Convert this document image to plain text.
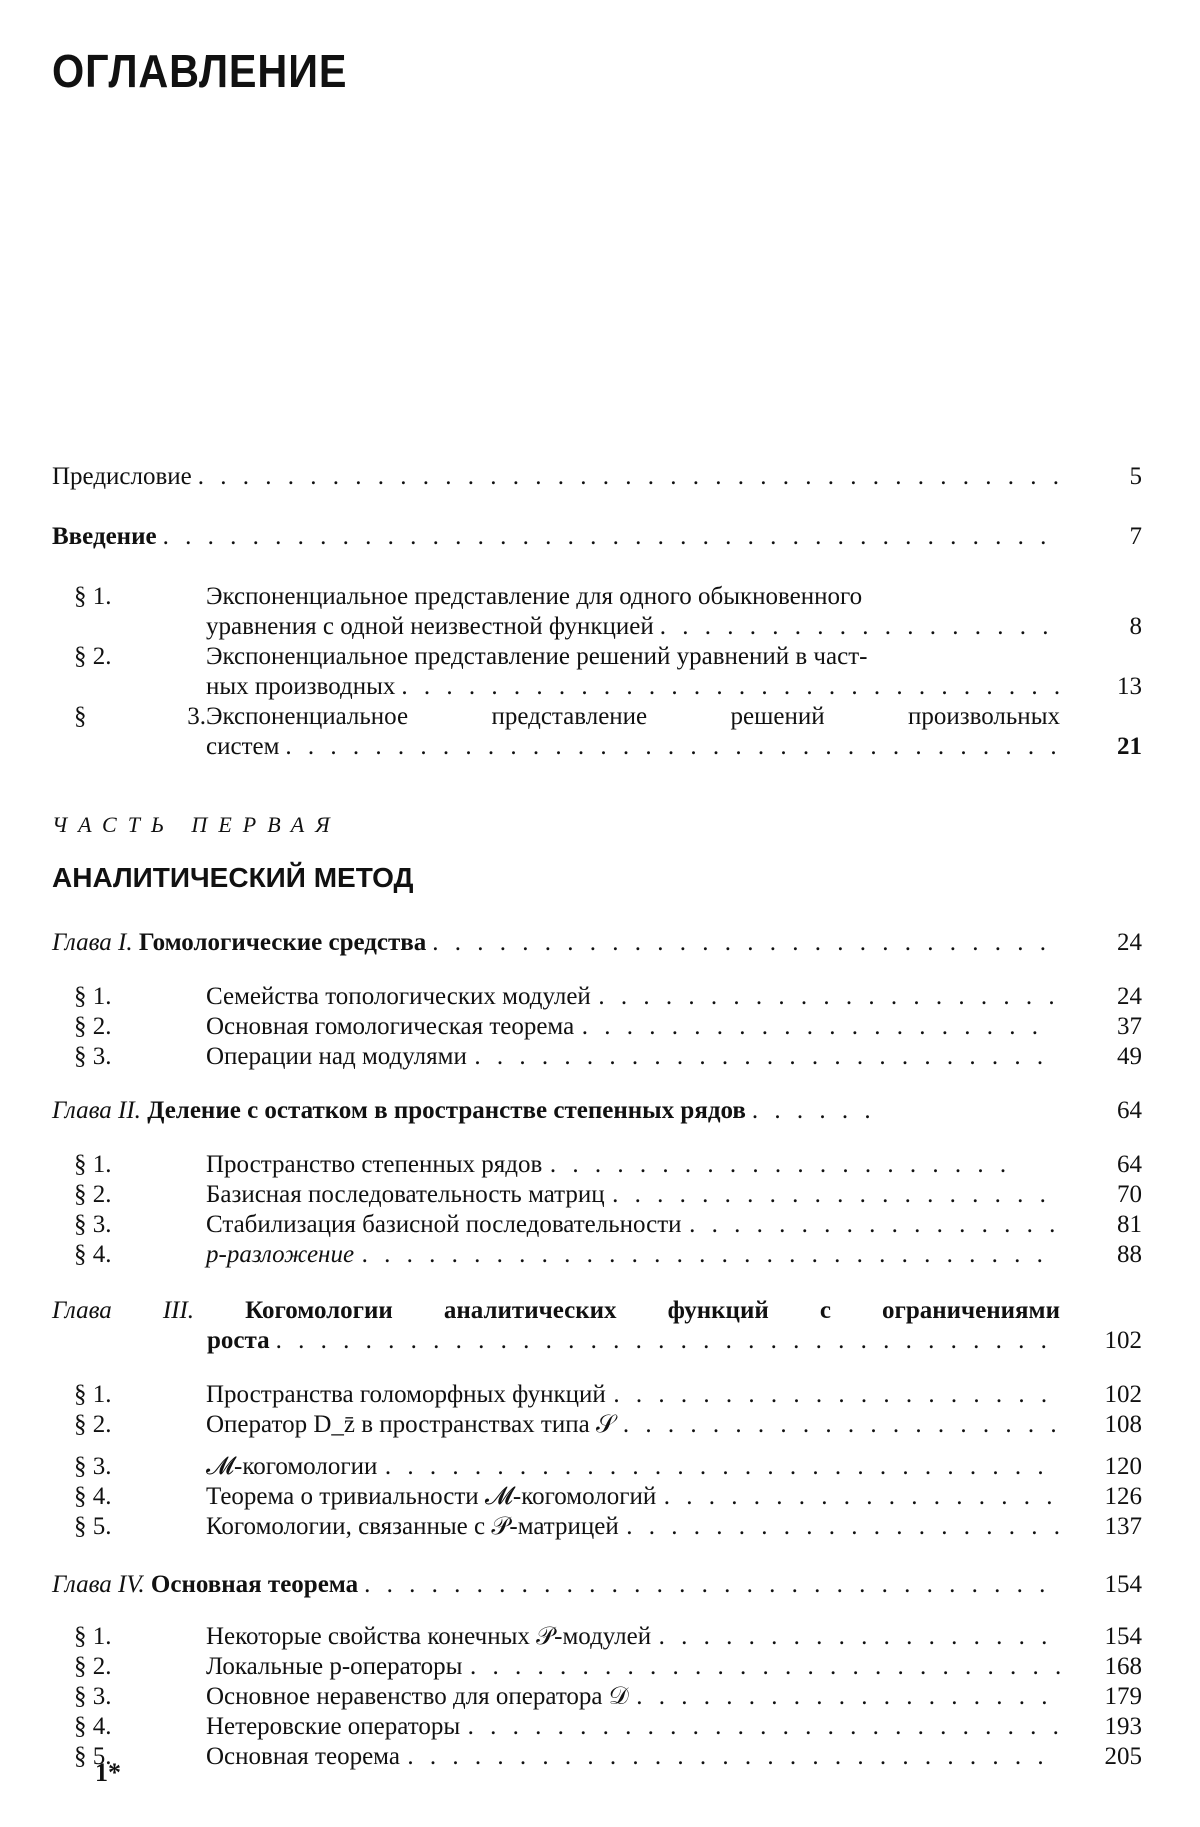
ОГЛАВЛЕНИЕ
Предисловие . . . . . . . . . . . . . . . . . . . . . . . . . . . . . . . . . . . . . .	5
Введение . . . . . . . . . . . . . . . . . . . . . . . . . . . . . . . . . . . . . . . .	7
§ 1.	Экспоненциальное представление для одного обыкновенного
уравнения с одной неизвестной функцией . . . . . . . . . . . . . . . . . .	8
§ 2.	Экспоненциальное представление решений уравнений в част-
ных производных . . . . . . . . . . . . . . . . . . . . . . . . . . . . .	13
§ 3.Экспоненциальное представление решений произвольных
систем . . . . . . . . . . . . . . . . . . . . . . . . . . . . . . . . . .	21
ЧАСТЬ ПЕРВАЯ
АНАЛИТИЧЕСКИЙ МЕТОД
Глава I. Гомологические средства . . . . . . . . . . . . . . . . . . . . . . . . . . . .	24
§ 1.	Семейства топологических модулей . . . . . . . . . . . . . . . . . . . . .	24
§ 2.	Основная гомологическая теорема . . . . . . . . . . . . . . . . . . . . .	37
§ 3.	Операции над модулями . . . . . . . . . . . . . . . . . . . . . . . . . .	49
Глава II. Деление с остатком в пространстве степенных рядов . . . . . .	64
§ 1.	Пространство степенных рядов . . . . . . . . . . . . . . . . . . . . .	64
§ 2.	Базисная последовательность матриц . . . . . . . . . . . . . . . . . . . .	70
§ 3.	Стабилизация базисной последовательности . . . . . . . . . . . . . . . . .	81
§ 4.	p-разложение . . . . . . . . . . . . . . . . . . . . . . . . . . . . . . .	88
Глава III. Когомологии аналитических функций с ограничениями
роста . . . . . . . . . . . . . . . . . . . . . . . . . . . . . . . . . . .	102
§ 1.	Пространства голоморфных функций . . . . . . . . . . . . . . . . . . . .	102
§ 2.	Оператор D_z̄ в пространствах типа 𝒮 . . . . . . . . . . . . . . . . . . .	108
§ 3.	𝓜-когомологии . . . . . . . . . . . . . . . . . . . . . . . . . . . . . .	120
§ 4.	Теорема о тривиальности 𝓜-когомологий . . . . . . . . . . . . . . . . . .	126
§ 5.	Когомологии, связанные с 𝒫-матрицей . . . . . . . . . . . . . . . . . . .	137
Глава IV. Основная теорема . . . . . . . . . . . . . . . . . . . . . . . . . . . . . . .	154
§ 1.	Некоторые свойства конечных 𝒫-модулей . . . . . . . . . . . . . . . . . .	154
§ 2.	Локальные p-операторы . . . . . . . . . . . . . . . . . . . . . . . . . .	168
§ 3.	Основное неравенство для оператора 𝒟 . . . . . . . . . . . . . . . . . . .	179
§ 4.	Нетеровские операторы . . . . . . . . . . . . . . . . . . . . . . . . . .	193
§ 5.	Основная теорема . . . . . . . . . . . . . . . . . . . . . . . . . . . . .	205
1*
